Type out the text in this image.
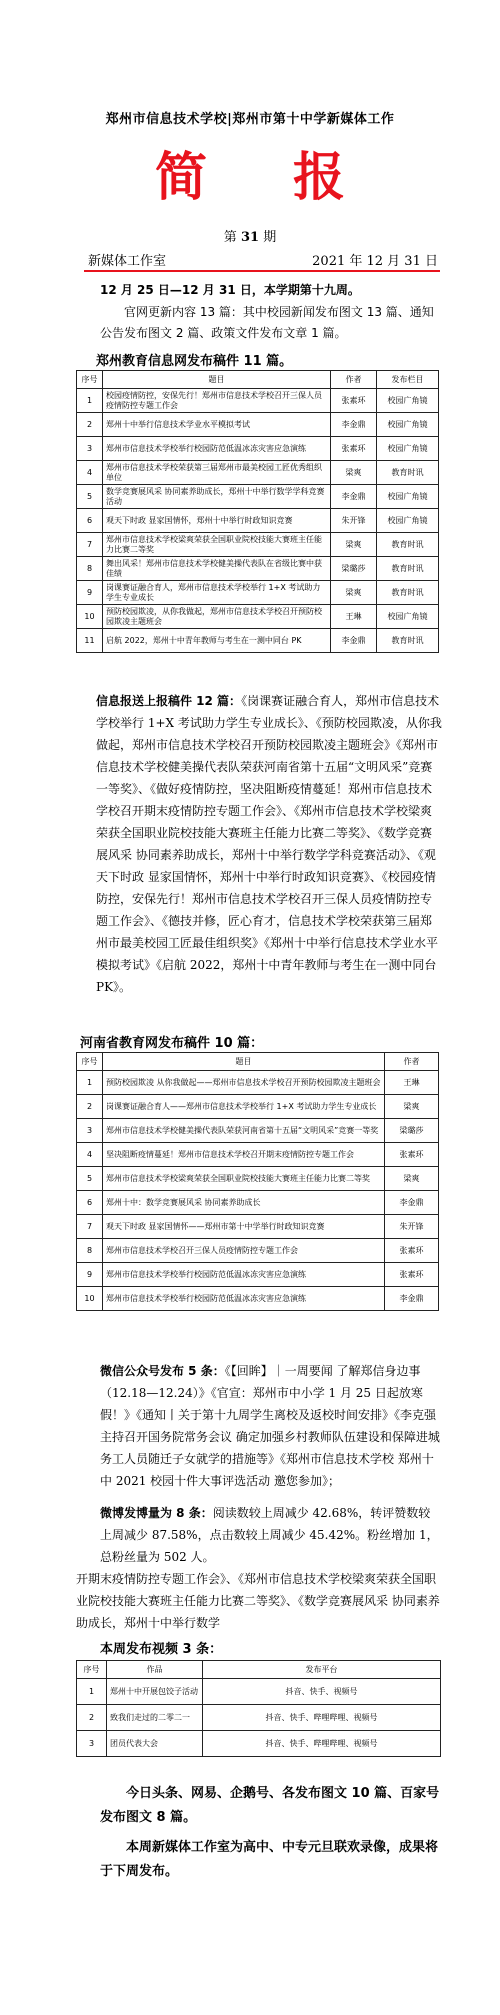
郑州市信息技术学校|郑州市第十中学新媒体工作
简 报
第 31 期
新媒体工作室	2021 年 12 月 31 日
12 月 25 日—12 月 31 日，本学期第十九周。
官网更新内容 13 篇：其中校园新闻发布图文 13 篇、通知公告发布图文 2 篇、政策文件发布文章 1 篇。
郑州教育信息网发布稿件 11 篇。
序号	题目	作者	发布栏目
1	校园疫情防控，安保先行！郑州市信息技术学校召开三保人员疫情防控专题工作会	张素环	校园广角镜
2	郑州十中举行信息技术学业水平模拟考试	李金鼎	校园广角镜
3	郑州市信息技术学校举行校园防范低温冰冻灾害应急演练	张素环	校园广角镜
4	郑州市信息技术学校荣获第三届郑州市最美校园工匠优秀组织单位	梁爽	教育时讯
5	数学竞赛展风采 协同素养助成长，郑州十中举行数学学科竞赛活动	李金鼎	校园广角镜
6	观天下时政 显家国情怀，郑州十中举行时政知识竞赛	朱开锋	校园广角镜
7	郑州市信息技术学校梁爽荣获全国职业院校技能大赛班主任能力比赛二等奖	梁爽	教育时讯
8	舞出风采！郑州市信息技术学校健美操代表队在省级比赛中获佳绩	梁璐莎	教育时讯
9	岗课赛证融合育人，郑州市信息技术学校举行 1+X 考试助力学生专业成长	梁爽	教育时讯
10	预防校园欺凌，从你我做起，郑州市信息技术学校召开预防校园欺凌主题班会	王琳	校园广角镜
11	启航 2022，郑州十中青年教师与考生在一测中同台 PK	李金鼎	教育时讯
信息报送上报稿件 12 篇：《岗课赛证融合育人，郑州市信息技术学校举行 1+X 考试助力学生专业成长》、《预防校园欺凌，从你我做起，郑州市信息技术学校召开预防校园欺凌主题班会》《郑州市信息技术学校健美操代表队荣获河南省第十五届“文明风采”竞赛一等奖》、《做好疫情防控，坚决阻断疫情蔓延！郑州市信息技术学校召开期末疫情防控专题工作会》、《郑州市信息技术学校梁爽荣获全国职业院校技能大赛班主任能力比赛二等奖》、《数学竞赛展风采 协同素养助成长，郑州十中举行数学学科竞赛活动》、《观天下时政 显家国情怀，郑州十中举行时政知识竞赛》、《校园疫情防控，安保先行！郑州市信息技术学校召开三保人员疫情防控专题工作会》、《德技并修，匠心育才，信息技术学校荣获第三届郑州市最美校园工匠最佳组织奖》《郑州十中举行信息技术学业水平模拟考试》《启航 2022，郑州十中青年教师与考生在一测中同台 PK》。
河南省教育网发布稿件 10 篇：
序号	题目	作者
1	预防校园欺凌 从你我做起——郑州市信息技术学校召开预防校园欺凌主题班会	王琳
2	岗课赛证融合育人——郑州市信息技术学校举行 1+X 考试助力学生专业成长	梁爽
3	郑州市信息技术学校健美操代表队荣获河南省第十五届“文明风采”竞赛一等奖	梁璐莎
4	坚决阻断疫情蔓延！郑州市信息技术学校召开期末疫情防控专题工作会	张素环
5	郑州市信息技术学校梁爽荣获全国职业院校技能大赛班主任能力比赛二等奖	梁爽
6	郑州十中：数学竞赛展风采 协同素养助成长	李金鼎
7	观天下时政 显家国情怀——郑州市第十中学举行时政知识竞赛	朱开锋
8	郑州市信息技术学校召开三保人员疫情防控专题工作会	张素环
9	郑州市信息技术学校举行校园防范低温冰冻灾害应急演练	张素环
10	郑州市信息技术学校举行校园防范低温冰冻灾害应急演练	李金鼎
微信公众号发布 5 条：《【回眸】｜一周要闻 了解郑信身边事（12.18—12.24）》《官宣：郑州市中小学 1 月 25 日起放寒假！》《通知丨关于第十九周学生离校及返校时间安排》《李克强主持召开国务院常务会议 确定加强乡村教师队伍建设和保障进城务工人员随迁子女就学的措施等》《郑州市信息技术学校 郑州十中 2021 校园十件大事评选活动 邀您参加》；
微博发博量为 8 条：阅读数较上周减少 42.68%，转评赞数较上周减少 87.58%，点击数较上周减少 45.42%。粉丝增加 1，总粉丝量为 502 人。
开期末疫情防控专题工作会》、《郑州市信息技术学校梁爽荣获全国职业院校技能大赛班主任能力比赛二等奖》、《数学竞赛展风采 协同素养助成长，郑州十中举行数学
本周发布视频 3 条：
序号	作品	发布平台
1	郑州十中开展包饺子活动	抖音、快手、视频号
2	致我们走过的二零二一	抖音、快手、哔哩哔哩、视频号
3	团员代表大会	抖音、快手、哔哩哔哩、视频号
今日头条、网易、企鹅号、各发布图文 10 篇、百家号发布图文 8 篇。
本周新媒体工作室为高中、中专元旦联欢录像，成果将于下周发布。
